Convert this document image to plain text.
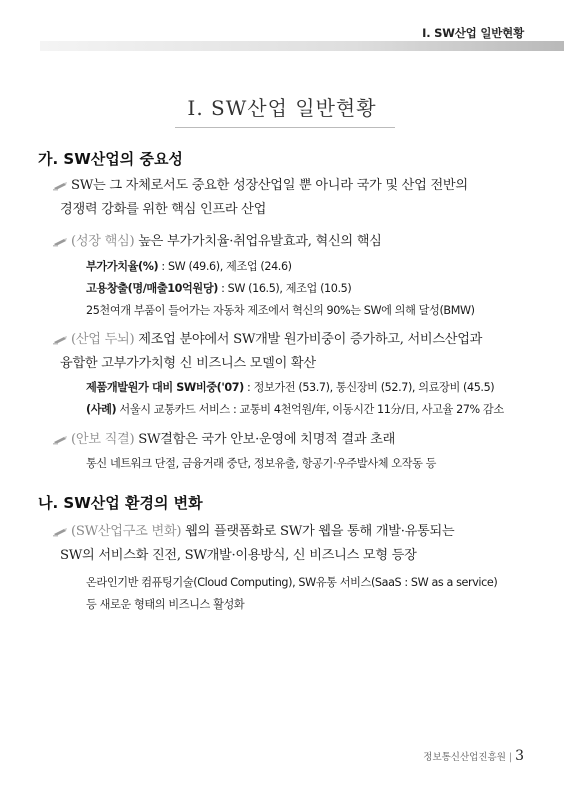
Ⅰ. SW산업 일반현황
Ⅰ. SW산업 일반현황
가. SW산업의 중요성
SW는 그 자체로서도 중요한 성장산업일 뿐 아니라 국가 및 산업 전반의
경쟁력 강화를 위한 핵심 인프라 산업
(성장 핵심) 높은 부가가치율·취업유발효과, 혁신의 핵심
부가가치율(%) : SW (49.6), 제조업 (24.6)
고용창출(명/매출10억원당) : SW (16.5), 제조업 (10.5)
25천여개 부품이 들어가는 자동차 제조에서 혁신의 90%는 SW에 의해 달성(BMW)
(산업 두뇌) 제조업 분야에서 SW개발 원가비중이 증가하고, 서비스산업과
융합한 고부가가치형 신 비즈니스 모델이 확산
제품개발원가 대비 SW비중('07) : 정보가전 (53.7), 통신장비 (52.7), 의료장비 (45.5)
(사례) 서울시 교통카드 서비스 : 교통비 4천억원/年, 이동시간 11分/日, 사고율 27% 감소
(안보 직결) SW결함은 국가 안보·운영에 치명적 결과 초래
통신 네트워크 단절, 금융거래 중단, 정보유출, 항공기·우주발사체 오작동 등
나. SW산업 환경의 변화
(SW산업구조 변화) 웹의 플랫폼화로 SW가 웹을 통해 개발·유통되는
SW의 서비스화 진전, SW개발·이용방식, 신 비즈니스 모형 등장
온라인기반 컴퓨팅기술(Cloud Computing), SW유통 서비스(SaaS : SW as a service)
등 새로운 형태의 비즈니스 활성화
정보통신산업진흥원 | 3
